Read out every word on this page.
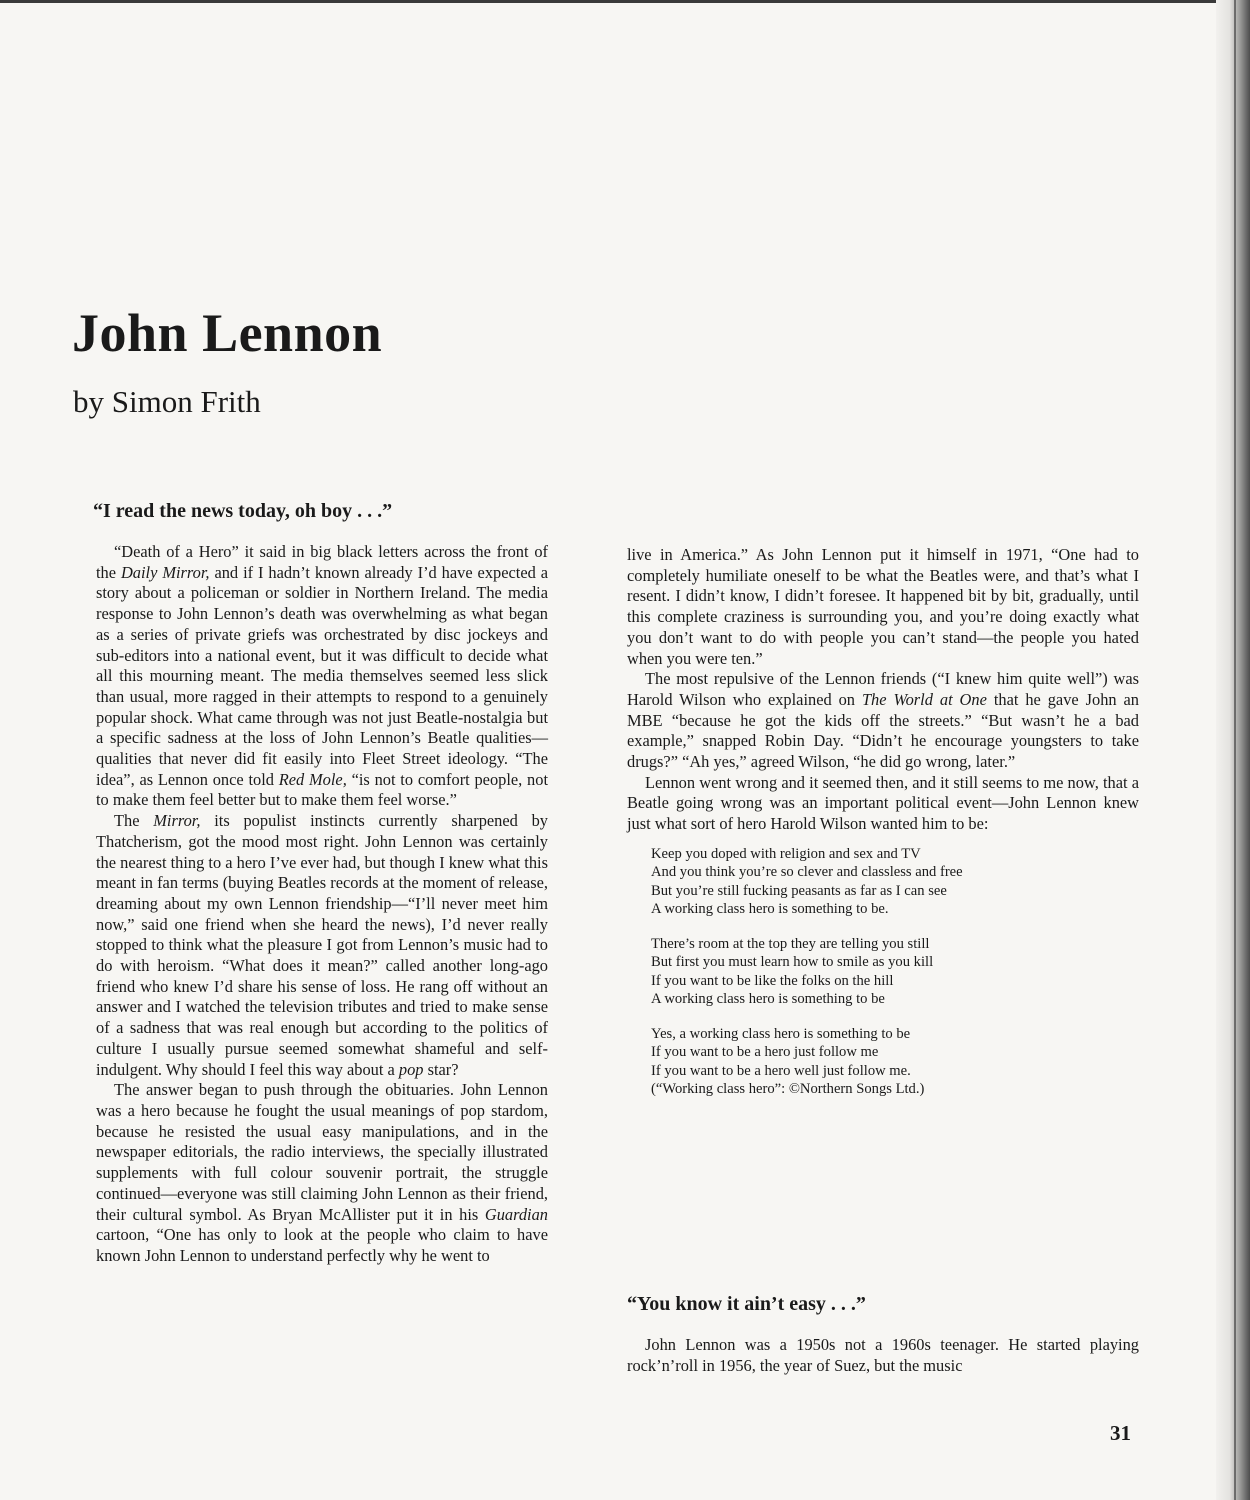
John Lennon
by Simon Frith
“I read the news today, oh boy . . .”

“Death of a Hero” it said in big black letters across the front of the Daily Mirror, and if I hadn’t known already I’d have expected a story about a policeman or soldier in Northern Ireland. The media response to John Lennon’s death was overwhelming as what began as a series of private griefs was orchestrated by disc jockeys and sub-editors into a national event, but it was difficult to decide what all this mourning meant. The media themselves seemed less slick than usual, more ragged in their attempts to respond to a genuinely popular shock. What came through was not just Beatle-nostalgia but a specific sadness at the loss of John Lennon’s Beatle qualities—qualities that never did fit easily into Fleet Street ideology. “The idea”, as Lennon once told Red Mole, “is not to comfort people, not to make them feel better but to make them feel worse.”

The Mirror, its populist instincts currently sharpened by Thatcherism, got the mood most right. John Lennon was certainly the nearest thing to a hero I’ve ever had, but though I knew what this meant in fan terms (buying Beatles records at the moment of release, dreaming about my own Lennon friendship—“I’ll never meet him now,” said one friend when she heard the news), I’d never really stopped to think what the pleasure I got from Lennon’s music had to do with heroism. “What does it mean?” called another long-ago friend who knew I’d share his sense of loss. He rang off without an answer and I watched the television tributes and tried to make sense of a sadness that was real enough but according to the politics of culture I usually pursue seemed somewhat shameful and self-indulgent. Why should I feel this way about a pop star?

The answer began to push through the obituaries. John Lennon was a hero because he fought the usual meanings of pop stardom, because he resisted the usual easy manipulations, and in the newspaper editorials, the radio interviews, the specially illustrated supplements with full colour souvenir portrait, the struggle continued—everyone was still claiming John Lennon as their friend, their cultural symbol. As Bryan McAllister put it in his Guardian cartoon, “One has only to look at the people who claim to have known John Lennon to understand perfectly why he went to

live in America.” As John Lennon put it himself in 1971, “One had to completely humiliate oneself to be what the Beatles were, and that’s what I resent. I didn’t know, I didn’t foresee. It happened bit by bit, gradually, until this complete craziness is surrounding you, and you’re doing exactly what you don’t want to do with people you can’t stand—the people you hated when you were ten.”

The most repulsive of the Lennon friends (“I knew him quite well”) was Harold Wilson who explained on The World at One that he gave John an MBE “because he got the kids off the streets.” “But wasn’t he a bad example,” snapped Robin Day. “Didn’t he encourage youngsters to take drugs?” “Ah yes,” agreed Wilson, “he did go wrong, later.”

Lennon went wrong and it seemed then, and it still seems to me now, that a Beatle going wrong was an important political event—John Lennon knew just what sort of hero Harold Wilson wanted him to be:

Keep you doped with religion and sex and TV
And you think you’re so clever and classless and free
But you’re still fucking peasants as far as I can see
A working class hero is something to be.
There’s room at the top they are telling you still
But first you must learn how to smile as you kill
If you want to be like the folks on the hill
A working class hero is something to be
Yes, a working class hero is something to be
If you want to be a hero just follow me
If you want to be a hero well just follow me.
(“Working class hero”: ©Northern Songs Ltd.)
“You know it ain’t easy . . .”

John Lennon was a 1950s not a 1960s teenager. He started playing rock’n’roll in 1956, the year of Suez, but the music

31
